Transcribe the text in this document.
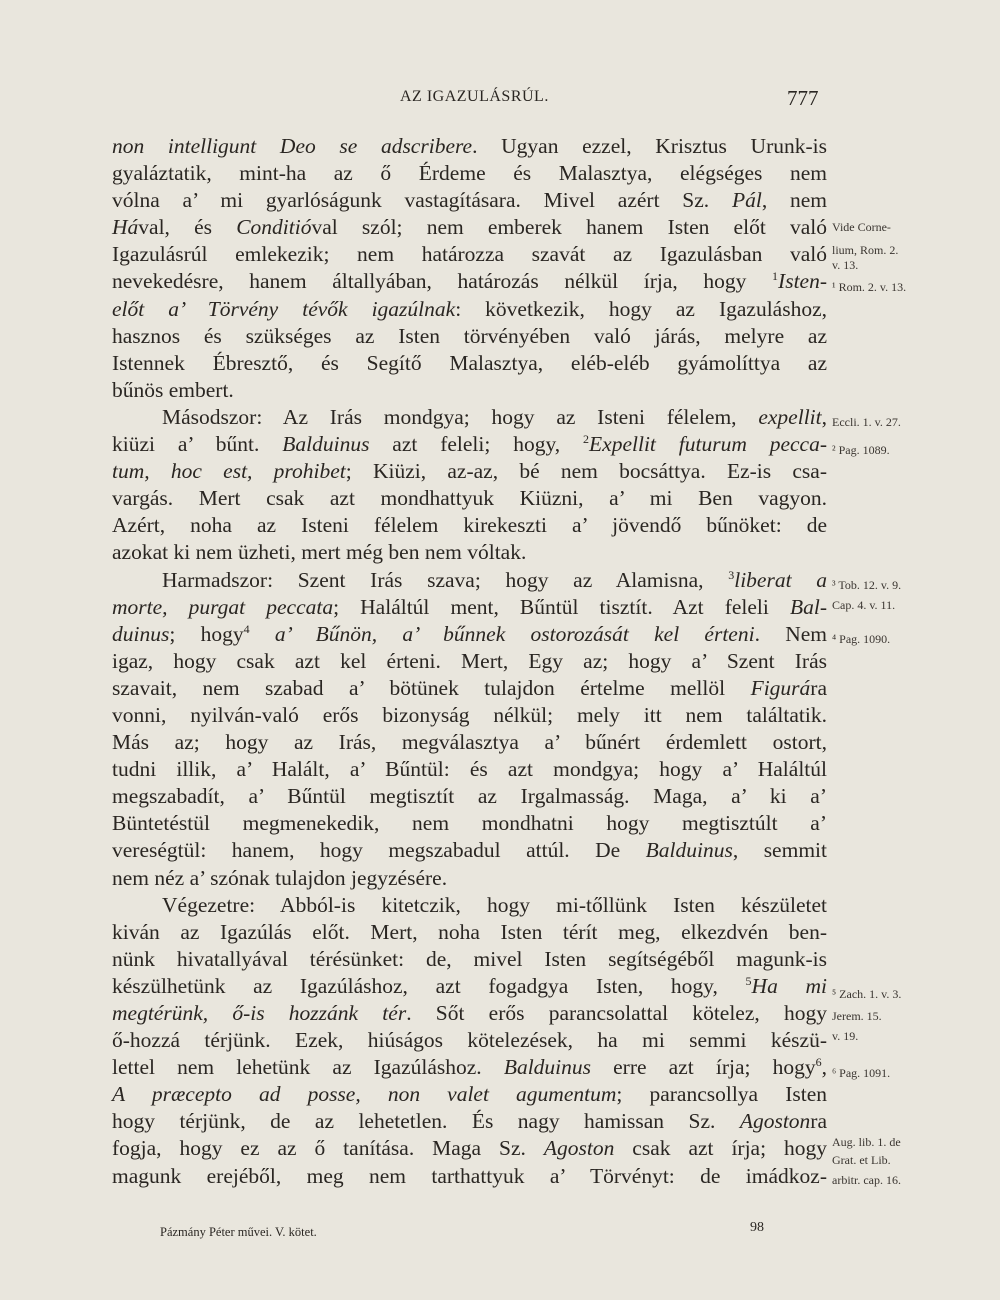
AZ IGAZULÁSRÚL.	777
non intelligunt Deo se adscribere. Ugyan ezzel, Krisztus Urunk-is
gyaláztatik, mint-ha az ő Érdeme és Malasztya, elégséges nem
vólna a’ mi gyarlóságunk vastagításara. Mivel azért Sz. Pál, nem
Hával, és Conditióval szól; nem emberek hanem Isten előt való
Igazulásrúl emlekezik; nem határozza szavát az Igazulásban való
nevekedésre, hanem általlyában, határozás nélkül írja, hogy $^1$Isten-
előt a’ Törvény tévők igazúlnak: következik, hogy az Igazuláshoz,
hasznos és szükséges az Isten törvényében való járás, melyre az
Istennek Ébresztő, és Segítő Malasztya, eléb-eléb gyámolíttya az
bűnös embert.
Másodszor: Az Irás mondgya; hogy az Isteni félelem, expellit,
kiüzi a’ bűnt. Balduinus azt feleli; hogy, $^2$Expellit futurum pecca-
tum, hoc est, prohibet; Kiüzi, az-az, bé nem bocsáttya. Ez-is csa-
vargás. Mert csak azt mondhattyuk Kiüzni, a’ mi Ben vagyon.
Azért, noha az Isteni félelem kirekeszti a’ jövendő bűnöket: de
azokat ki nem üzheti, mert még ben nem vóltak.
Harmadszor: Szent Irás szava; hogy az Alamisna, $^3$liberat a
morte, purgat peccata; Haláltúl ment, Bűntül tisztít. Azt feleli Bal-
duinus; hogy$^4$ a’ Bűnön, a’ bűnnek ostorozását kel érteni. Nem
igaz, hogy csak azt kel érteni. Mert, Egy az; hogy a’ Szent Irás
szavait, nem szabad a’ bötünek tulajdon értelme mellöl Figurára
vonni, nyilván-való erős bizonyság nélkül; mely itt nem találtatik.
Más az; hogy az Irás, megválasztya a’ bűnért érdemlett ostort,
tudni illik, a’ Halált, a’ Bűntül: és azt mondgya; hogy a’ Haláltúl
megszabadít, a’ Bűntül megtisztít az Irgalmasság. Maga, a’ ki a’
Büntetéstül megmenekedik, nem mondhatni hogy megtisztúlt a’
vereségtül: hanem, hogy megszabadul attúl. De Balduinus, semmit
nem néz a’ szónak tulajdon jegyzésére.
Végezetre: Abból-is kitetczik, hogy mi-tőllünk Isten készületet
kiván az Igazúlás előt. Mert, noha Isten térít meg, elkezdvén ben-
nünk hivatallyával térésünket: de, mivel Isten segítségéből magunk-is
készülhetünk az Igazúláshoz, azt fogadgya Isten, hogy, $^5$Ha mi
megtérünk, ő-is hozzánk tér. Sőt erős parancsolattal kötelez, hogy
ő-hozzá térjünk. Ezek, hiúságos kötelezések, ha mi semmi készü-
lettel nem lehetünk az Igazúláshoz. Balduinus erre azt írja; hogy$^6$,
A præcepto ad posse, non valet agumentum; parancsollya Isten
hogy térjünk, de az lehetetlen. És nagy hamissan Sz. Agostonra
fogja, hogy ez az ő tanítása. Maga Sz. Agoston csak azt írja; hogy
magunk erejéből, meg nem tarthattyuk a’ Törvényt: de imádkoz-
Vide Corne-
lium, Rom. 2.
v. 13.
¹ Rom. 2. v. 13.
Eccli. 1. v. 27.
² Pag. 1089.
³ Tob. 12. v. 9.
Cap. 4. v. 11.
⁴ Pag. 1090.
⁵ Zach. 1. v. 3.
Jerem. 15.
v. 19.
⁶ Pag. 1091.
Aug. lib. 1. de
Grat. et Lib.
arbitr. cap. 16.
Pázmány Péter művei. V. kötet.	98
